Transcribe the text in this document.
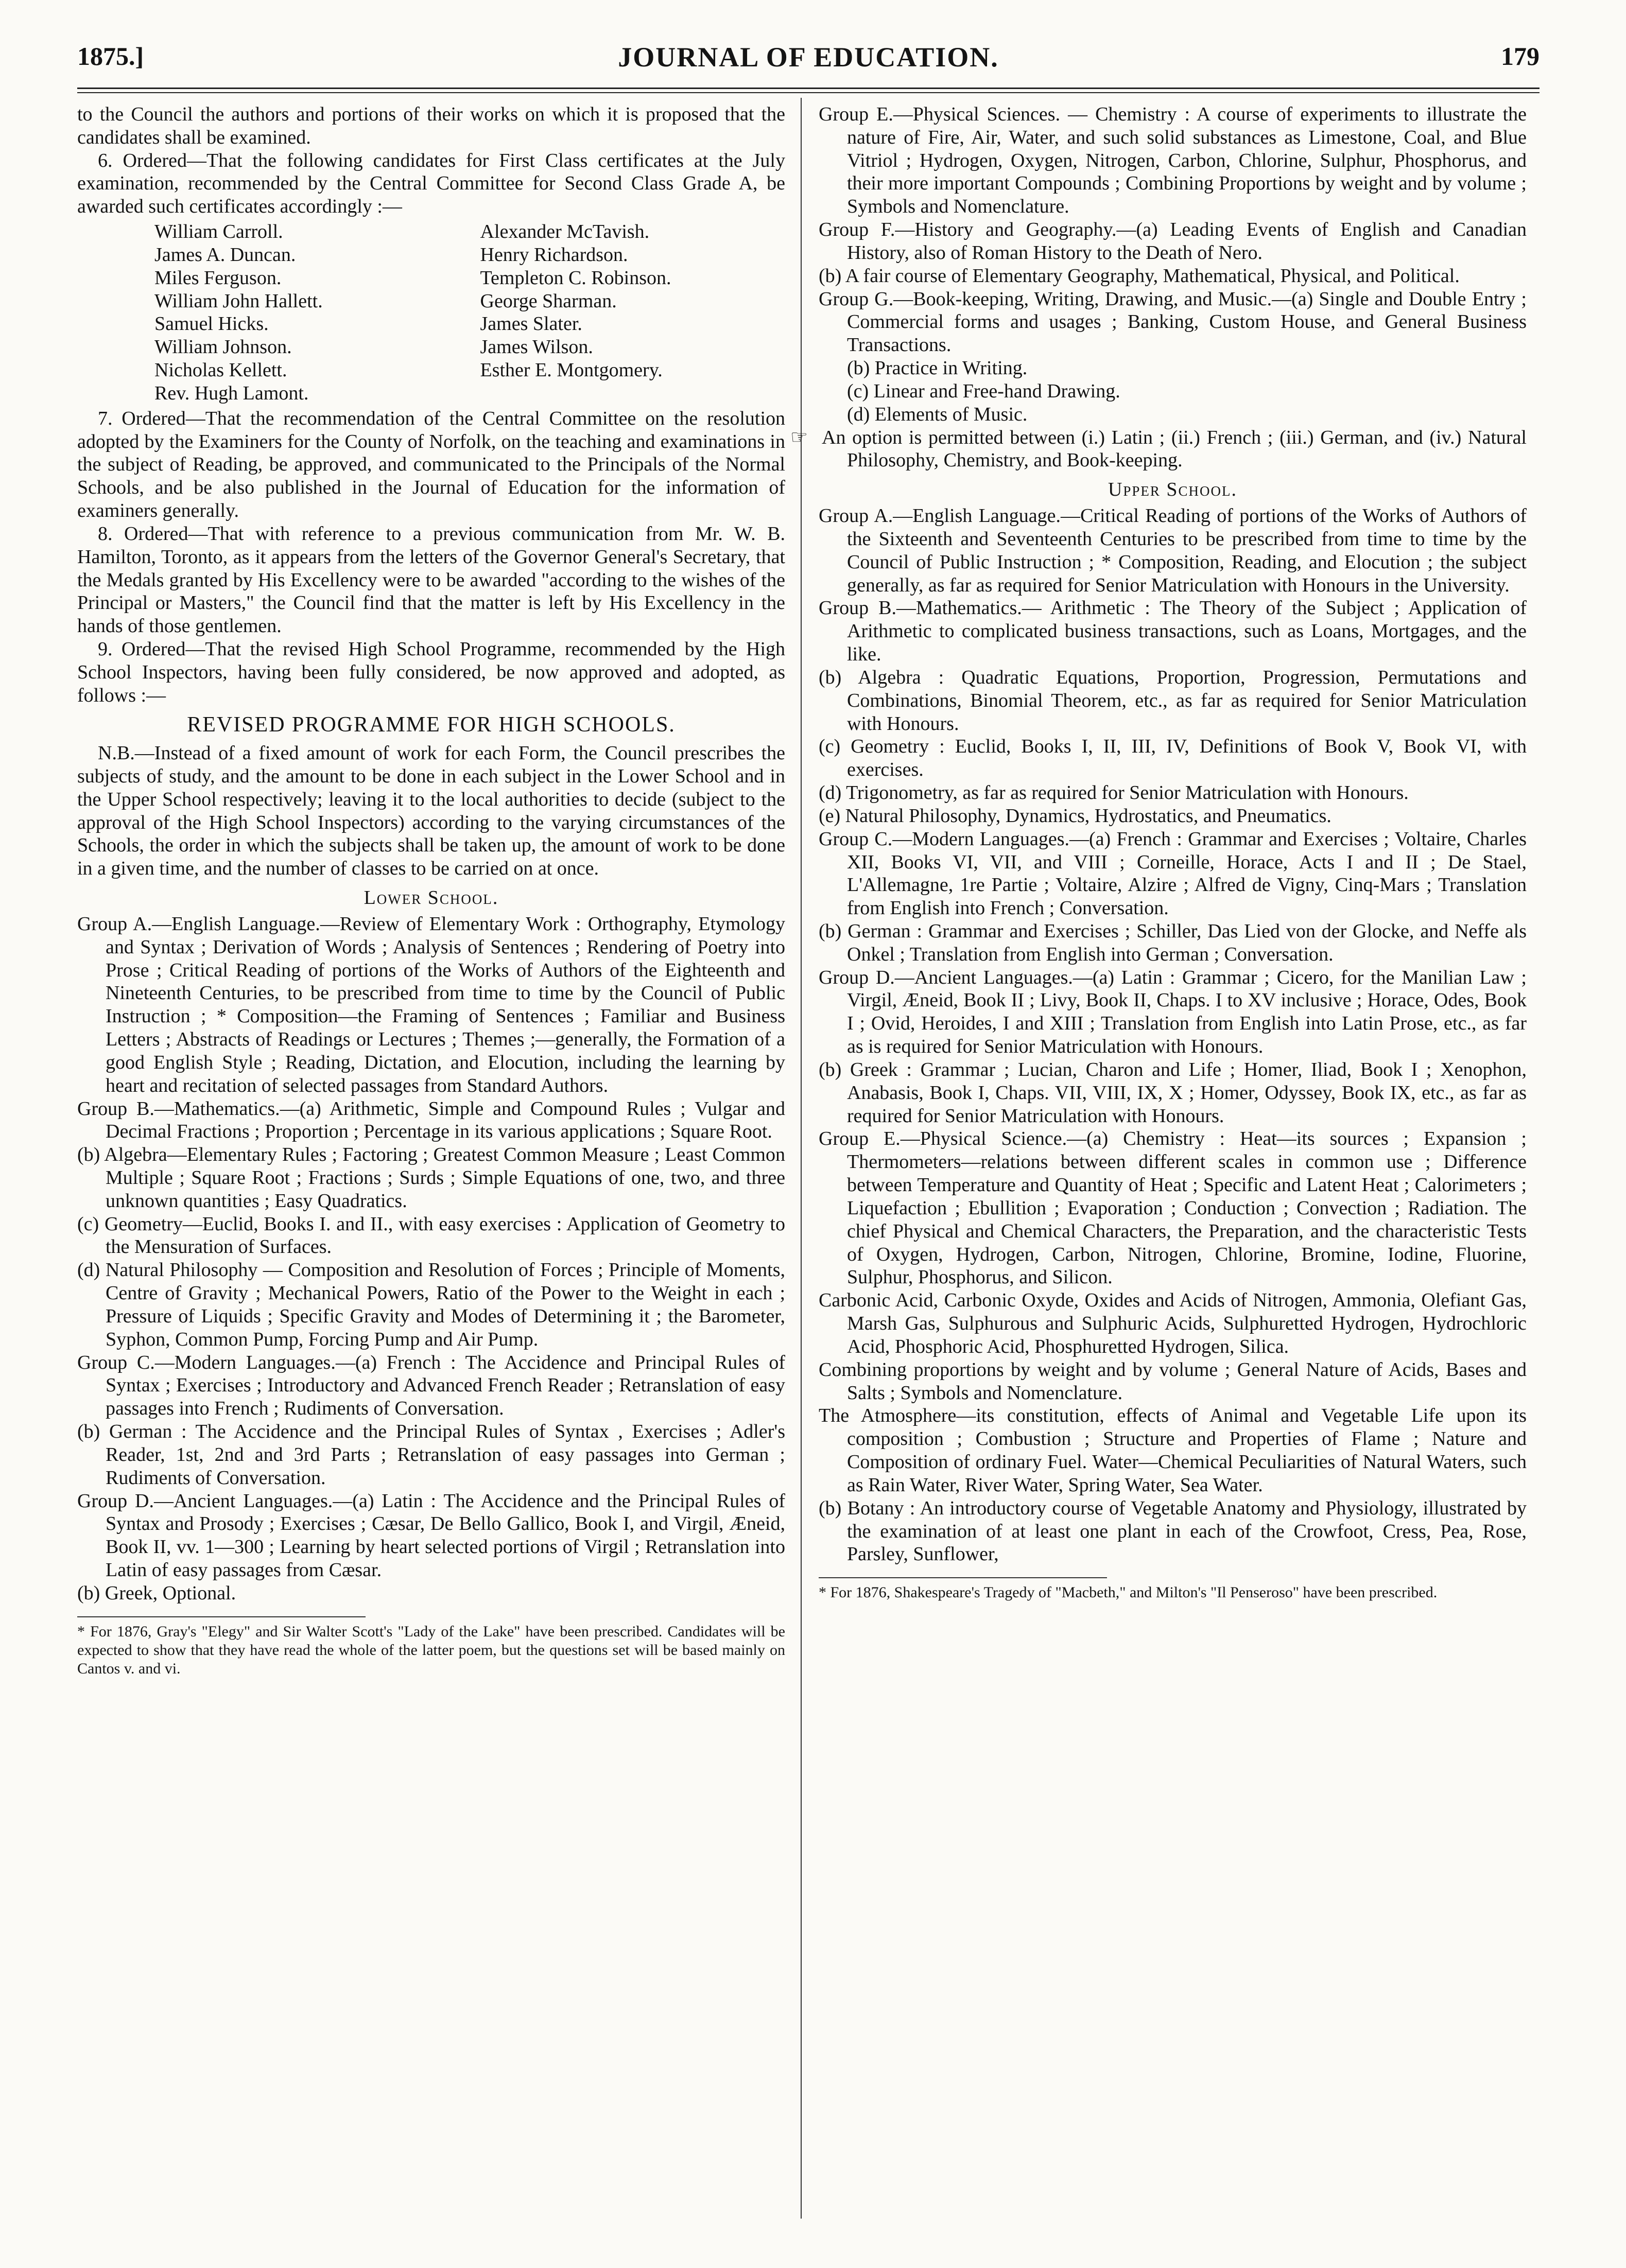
1875.]	JOURNAL OF EDUCATION.	179

to the Council the authors and portions of their works on which it is proposed that the candidates shall be examined.

6. Ordered—That the following candidates for First Class certificates at the July examination, recommended by the Central Committee for Second Class Grade A, be awarded such certificates accordingly :—

William Carroll.
James A. Duncan.
Miles Ferguson.
William John Hallett.
Samuel Hicks.
William Johnson.
Nicholas Kellett.
Rev. Hugh Lamont.
Alexander McTavish.
Henry Richardson.
Templeton C. Robinson.
George Sharman.
James Slater.
James Wilson.
Esther E. Montgomery.

7. Ordered—That the recommendation of the Central Committee on the resolution adopted by the Examiners for the County of Norfolk, on the teaching and examinations in the subject of Reading, be approved, and communicated to the Principals of the Normal Schools, and be also published in the Journal of Education for the information of examiners generally.

8. Ordered—That with reference to a previous communication from Mr. W. B. Hamilton, Toronto, as it appears from the letters of the Governor General's Secretary, that the Medals granted by His Excellency were to be awarded "according to the wishes of the Principal or Masters," the Council find that the matter is left by His Excellency in the hands of those gentlemen.

9. Ordered—That the revised High School Programme, recommended by the High School Inspectors, having been fully considered, be now approved and adopted, as follows :—

REVISED PROGRAMME FOR HIGH SCHOOLS.

N.B.—Instead of a fixed amount of work for each Form, the Council prescribes the subjects of study, and the amount to be done in each subject in the Lower School and in the Upper School respectively; leaving it to the local authorities to decide (subject to the approval of the High School Inspectors) according to the varying circumstances of the Schools, the order in which the subjects shall be taken up, the amount of work to be done in a given time, and the number of classes to be carried on at once.

Lower School.

Group A.—English Language.—Review of Elementary Work : Orthography, Etymology and Syntax ; Derivation of Words ; Analysis of Sentences ; Rendering of Poetry into Prose ; Critical Reading of portions of the Works of Authors of the Eighteenth and Nineteenth Centuries, to be prescribed from time to time by the Council of Public Instruction ; * Composition—the Framing of Sentences ; Familiar and Business Letters ; Abstracts of Readings or Lectures ; Themes ;—generally, the Formation of a good English Style ; Reading, Dictation, and Elocution, including the learning by heart and recitation of selected passages from Standard Authors.

Group B.—Mathematics.—(a) Arithmetic, Simple and Compound Rules ; Vulgar and Decimal Fractions ; Proportion ; Percentage in its various applications ; Square Root.

(b) Algebra—Elementary Rules ; Factoring ; Greatest Common Measure ; Least Common Multiple ; Square Root ; Fractions ; Surds ; Simple Equations of one, two, and three unknown quantities ; Easy Quadratics.

(c) Geometry—Euclid, Books I. and II., with easy exercises : Application of Geometry to the Mensuration of Surfaces.

(d) Natural Philosophy — Composition and Resolution of Forces ; Principle of Moments, Centre of Gravity ; Mechanical Powers, Ratio of the Power to the Weight in each ; Pressure of Liquids ; Specific Gravity and Modes of Determining it ; the Barometer, Syphon, Common Pump, Forcing Pump and Air Pump.

Group C.—Modern Languages.—(a) French : The Accidence and Principal Rules of Syntax ; Exercises ; Introductory and Advanced French Reader ; Retranslation of easy passages into French ; Rudiments of Conversation.

(b) German : The Accidence and the Principal Rules of Syntax , Exercises ; Adler's Reader, 1st, 2nd and 3rd Parts ; Retranslation of easy passages into German ; Rudiments of Conversation.

Group D.—Ancient Languages.—(a) Latin : The Accidence and the Principal Rules of Syntax and Prosody ; Exercises ; Cæsar, De Bello Gallico, Book I, and Virgil, Æneid, Book II, vv. 1—300 ; Learning by heart selected portions of Virgil ; Retranslation into Latin of easy passages from Cæsar.

(b) Greek, Optional.

* For 1876, Gray's "Elegy" and Sir Walter Scott's "Lady of the Lake" have been prescribed. Candidates will be expected to show that they have read the whole of the latter poem, but the questions set will be based mainly on Cantos v. and vi.

Group E.—Physical Sciences. — Chemistry : A course of experiments to illustrate the nature of Fire, Air, Water, and such solid substances as Limestone, Coal, and Blue Vitriol ; Hydrogen, Oxygen, Nitrogen, Carbon, Chlorine, Sulphur, Phosphorus, and their more important Compounds ; Combining Proportions by weight and by volume ; Symbols and Nomenclature.

Group F.—History and Geography.—(a) Leading Events of English and Canadian History, also of Roman History to the Death of Nero.

(b) A fair course of Elementary Geography, Mathematical, Physical, and Political.

Group G.—Book-keeping, Writing, Drawing, and Music.—(a) Single and Double Entry ; Commercial forms and usages ; Banking, Custom House, and General Business Transactions.

(b) Practice in Writing.

(c) Linear and Free-hand Drawing.

(d) Elements of Music.

☞ An option is permitted between (i.) Latin ; (ii.) French ; (iii.) German, and (iv.) Natural Philosophy, Chemistry, and Book-keeping.

Upper School.

Group A.—English Language.—Critical Reading of portions of the Works of Authors of the Sixteenth and Seventeenth Centuries to be prescribed from time to time by the Council of Public Instruction ; * Composition, Reading, and Elocution ; the subject generally, as far as required for Senior Matriculation with Honours in the University.

Group B.—Mathematics.— Arithmetic : The Theory of the Subject ; Application of Arithmetic to complicated business transactions, such as Loans, Mortgages, and the like.

(b) Algebra : Quadratic Equations, Proportion, Progression, Permutations and Combinations, Binomial Theorem, etc., as far as required for Senior Matriculation with Honours.

(c) Geometry : Euclid, Books I, II, III, IV, Definitions of Book V, Book VI, with exercises.

(d) Trigonometry, as far as required for Senior Matriculation with Honours.

(e) Natural Philosophy, Dynamics, Hydrostatics, and Pneumatics.

Group C.—Modern Languages.—(a) French : Grammar and Exercises ; Voltaire, Charles XII, Books VI, VII, and VIII ; Corneille, Horace, Acts I and II ; De Stael, L'Allemagne, 1re Partie ; Voltaire, Alzire ; Alfred de Vigny, Cinq-Mars ; Translation from English into French ; Conversation.

(b) German : Grammar and Exercises ; Schiller, Das Lied von der Glocke, and Neffe als Onkel ; Translation from English into German ; Conversation.

Group D.—Ancient Languages.—(a) Latin : Grammar ; Cicero, for the Manilian Law ; Virgil, Æneid, Book II ; Livy, Book II, Chaps. I to XV inclusive ; Horace, Odes, Book I ; Ovid, Heroides, I and XIII ; Translation from English into Latin Prose, etc., as far as is required for Senior Matriculation with Honours.

(b) Greek : Grammar ; Lucian, Charon and Life ; Homer, Iliad, Book I ; Xenophon, Anabasis, Book I, Chaps. VII, VIII, IX, X ; Homer, Odyssey, Book IX, etc., as far as required for Senior Matriculation with Honours.

Group E.—Physical Science.—(a) Chemistry : Heat—its sources ; Expansion ; Thermometers—relations between different scales in common use ; Difference between Temperature and Quantity of Heat ; Specific and Latent Heat ; Calorimeters ; Liquefaction ; Ebullition ; Evaporation ; Conduction ; Convection ; Radiation. The chief Physical and Chemical Characters, the Preparation, and the characteristic Tests of Oxygen, Hydrogen, Carbon, Nitrogen, Chlorine, Bromine, Iodine, Fluorine, Sulphur, Phosphorus, and Silicon.

Carbonic Acid, Carbonic Oxyde, Oxides and Acids of Nitrogen, Ammonia, Olefiant Gas, Marsh Gas, Sulphurous and Sulphuric Acids, Sulphuretted Hydrogen, Hydrochloric Acid, Phosphoric Acid, Phosphuretted Hydrogen, Silica.

Combining proportions by weight and by volume ; General Nature of Acids, Bases and Salts ; Symbols and Nomenclature.

The Atmosphere—its constitution, effects of Animal and Vegetable Life upon its composition ; Combustion ; Structure and Properties of Flame ; Nature and Composition of ordinary Fuel. Water—Chemical Peculiarities of Natural Waters, such as Rain Water, River Water, Spring Water, Sea Water.

(b) Botany : An introductory course of Vegetable Anatomy and Physiology, illustrated by the examination of at least one plant in each of the Crowfoot, Cress, Pea, Rose, Parsley, Sunflower,

* For 1876, Shakespeare's Tragedy of "Macbeth," and Milton's "Il Penseroso" have been prescribed.
